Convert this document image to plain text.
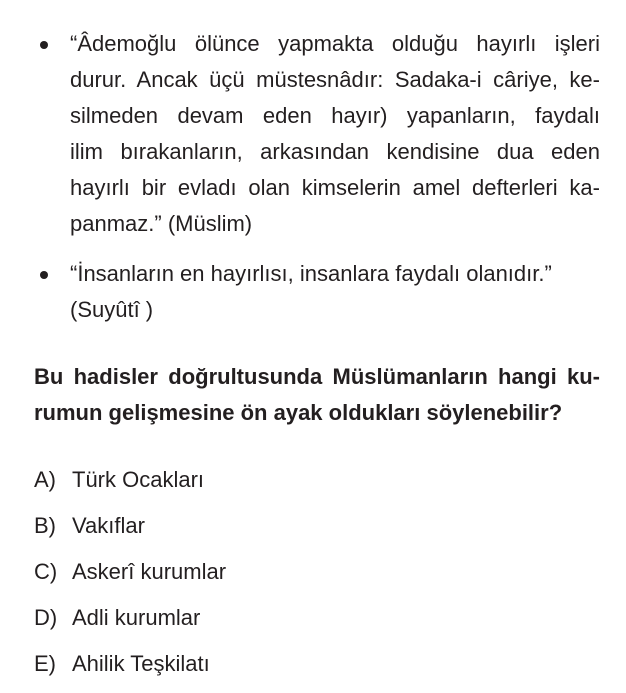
“Âdemoğlu ölünce yapmakta olduğu hayırlı işleri
durur. Ancak üçü müstesnâdır: Sadaka-i câriye, ke-
silmeden devam eden hayır) yapanların, faydalı
ilim bırakanların, arkasından kendisine dua eden
hayırlı bir evladı olan kimselerin amel defterleri ka-
panmaz.” (Müslim)
“İnsanların en hayırlısı, insanlara faydalı olanıdır.”
(Suyûtî )
Bu hadisler doğrultusunda Müslümanların hangi ku-
rumun gelişmesine ön ayak oldukları söylenebilir?
A) Türk Ocakları
B) Vakıflar
C) Askerî kurumlar
D) Adli kurumlar
E) Ahilik Teşkilatı
